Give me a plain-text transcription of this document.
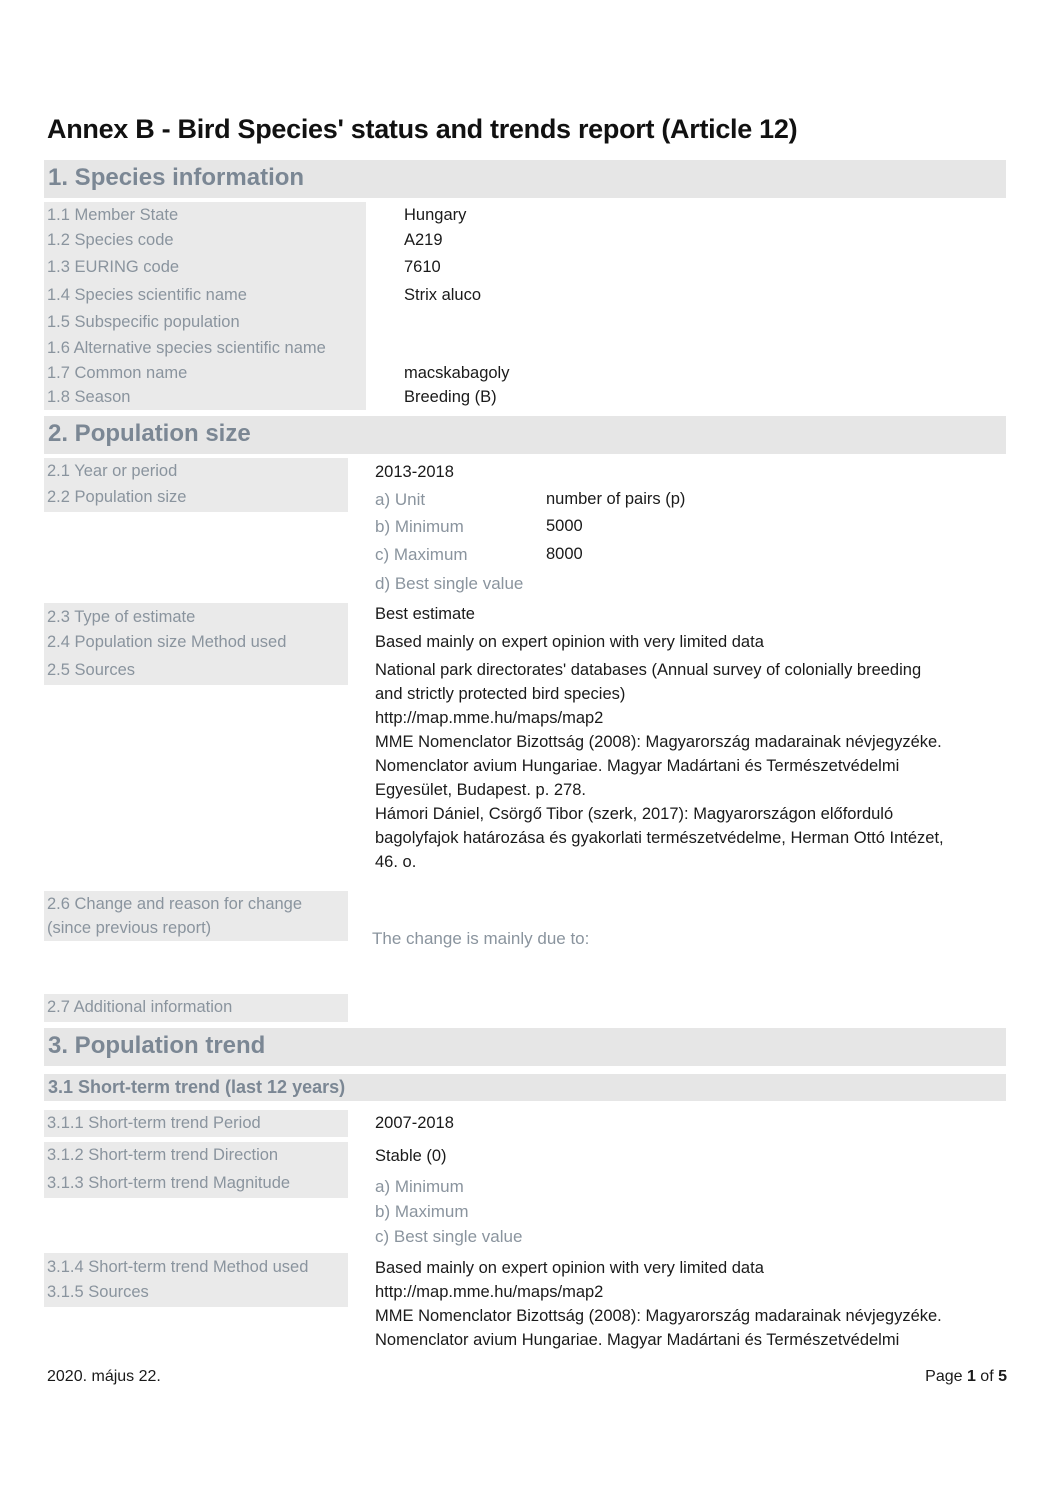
Annex B - Bird Species' status and trends report (Article 12)
1. Species information
1.1 Member State	Hungary
1.2 Species code	A219
1.3 EURING code	7610
1.4 Species scientific name	Strix aluco
1.5 Subspecific population
1.6 Alternative species scientific name
1.7 Common name	macskabagoly
1.8 Season	Breeding (B)
2. Population size
2.1 Year or period	2013-2018
2.2 Population size	a) Unit	number of pairs (p)
b) Minimum	5000
c) Maximum	8000
d) Best single value
2.3 Type of estimate	Best estimate
2.4 Population size Method used	Based mainly on expert opinion with very limited data
2.5 Sources	National park directorates' databases (Annual survey of colonially breeding
and strictly protected bird species)
http://map.mme.hu/maps/map2
MME Nomenclator Bizottság (2008): Magyarország madarainak névjegyzéke.
Nomenclator avium Hungariae. Magyar Madártani és Természetvédelmi
Egyesület, Budapest. p. 278.
Hámori Dániel, Csörgő Tibor (szerk, 2017): Magyarországon előforduló
bagolyfajok határozása és gyakorlati természetvédelme, Herman Ottó Intézet,
46. o.
2.6 Change and reason for change
(since previous report)
The change is mainly due to:
2.7 Additional information
3. Population trend
3.1 Short-term trend (last 12 years)
3.1.1 Short-term trend Period	2007-2018
3.1.2 Short-term trend Direction	Stable (0)
3.1.3 Short-term trend Magnitude	a) Minimum
b) Maximum
c) Best single value
3.1.4 Short-term trend Method used	Based mainly on expert opinion with very limited data
3.1.5 Sources	http://map.mme.hu/maps/map2
MME Nomenclator Bizottság (2008): Magyarország madarainak névjegyzéke.
Nomenclator avium Hungariae. Magyar Madártani és Természetvédelmi
2020. május 22.	Page 1 of 5
